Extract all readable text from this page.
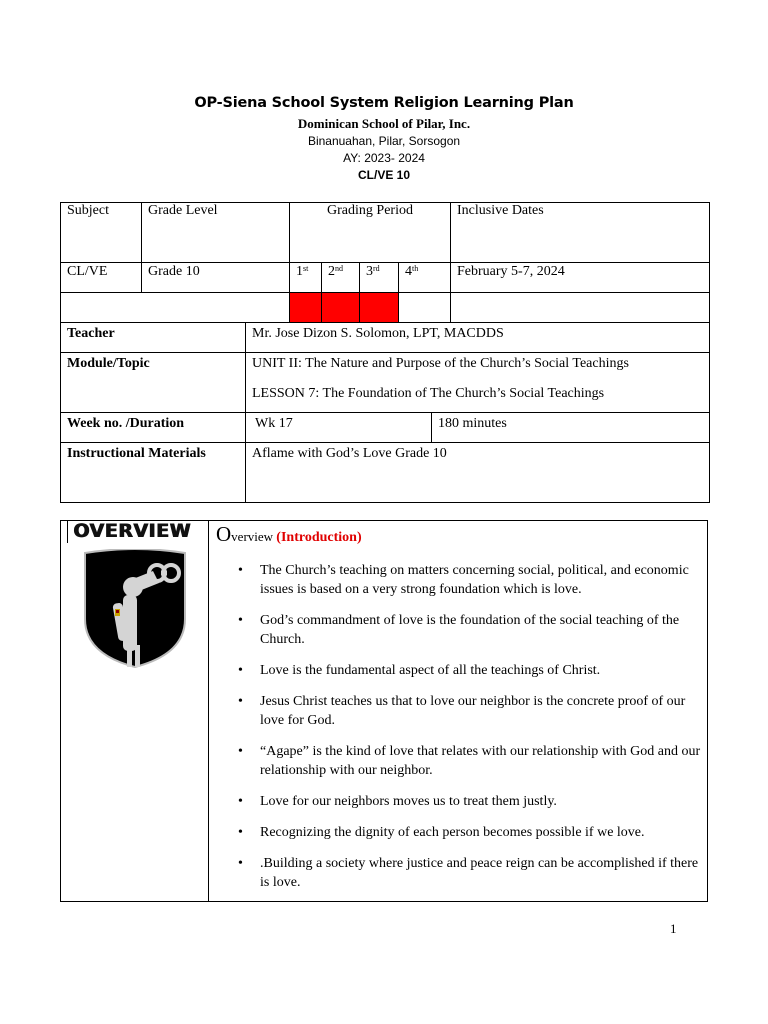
OP-Siena School System Religion Learning Plan
Dominican School of Pilar, Inc.
Binanuahan, Pilar, Sorsogon
AY: 2023- 2024
CL/VE 10
Subject	Grade Level	Grading Period				Inclusive Dates
CL/VE	Grade 10	1st	2nd	3rd	4th	February 5-7, 2024

Teacher	Mr. Jose Dizon S. Solomon, LPT, MACDDS	
Module/Topic	UNIT II: The Nature and Purpose of the Church’s Social Teachings
LESSON 7: The Foundation of The Church’s Social Teachings	

Week no. /Duration	Wk 17	180 minutes
Instructional Materials	Aflame with God’s Love Grade 10	
OVERVIEW Overview (Introduction)
• The Church’s teaching on matters concerning social, political, and economic issues is based on a very strong foundation which is love.
• God’s commandment of love is the foundation of the social teaching of the Church.
• Love is the fundamental aspect of all the teachings of Christ.
• Jesus Christ teaches us that to love our neighbor is the concrete proof of our love for God.
• “Agape” is the kind of love that relates with our relationship with God and our relationship with our neighbor.
• Love for our neighbors moves us to treat them justly.
• Recognizing the dignity of each person becomes possible if we love.
• .Building a society where justice and peace reign can be accomplished if there is love.
1
